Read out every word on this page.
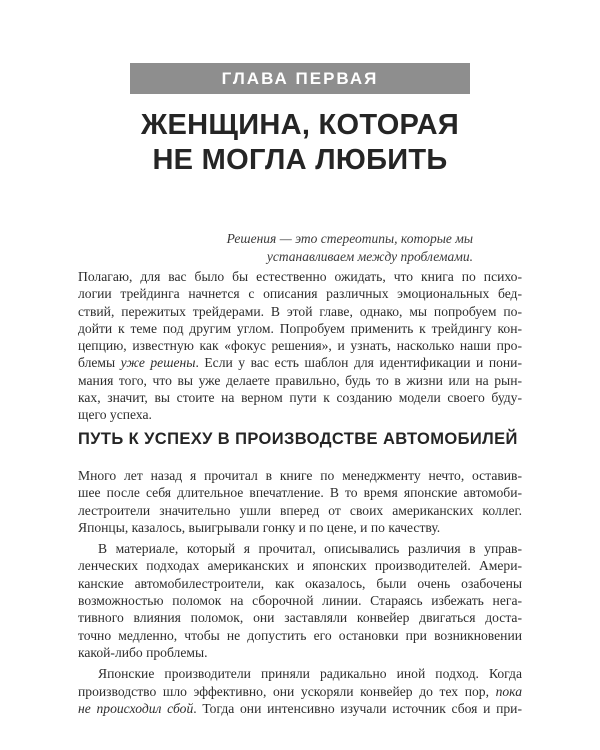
ГЛАВА ПЕРВАЯ
ЖЕНЩИНА, КОТОРАЯ
НЕ МОГЛА ЛЮБИТЬ
Решения — это стереотипы, которые мы
устанавливаем между проблемами.
Полагаю, для вас было бы естественно ожидать, что книга по психо-
логии трейдинга начнется с описания различных эмоциональных бед-
ствий, пережитых трейдерами. В этой главе, однако, мы попробуем по-
дойти к теме под другим углом. Попробуем применить к трейдингу кон-
цепцию, известную как «фокус решения», и узнать, насколько наши про-
блемы уже решены. Если у вас есть шаблон для идентификации и пони-
мания того, что вы уже делаете правильно, будь то в жизни или на рын-
ках, значит, вы стоите на верном пути к созданию модели своего буду-
щего успеха.
ПУТЬ К УСПЕХУ В ПРОИЗВОДСТВЕ АВТОМОБИЛЕЙ
Много лет назад я прочитал в книге по менеджменту нечто, оставив-
шее после себя длительное впечатление. В то время японские автомоби-
лестроители значительно ушли вперед от своих американских коллег.
Японцы, казалось, выигрывали гонку и по цене, и по качеству.
В материале, который я прочитал, описывались различия в управ-
ленческих подходах американских и японских производителей. Амери-
канские автомобилестроители, как оказалось, были очень озабочены
возможностью поломок на сборочной линии. Стараясь избежать нега-
тивного влияния поломок, они заставляли конвейер двигаться доста-
точно медленно, чтобы не допустить его остановки при возникновении
какой-либо проблемы.
Японские производители приняли радикально иной подход. Когда
производство шло эффективно, они ускоряли конвейер до тех пор, пока
не происходил сбой. Тогда они интенсивно изучали источник сбоя и при-
